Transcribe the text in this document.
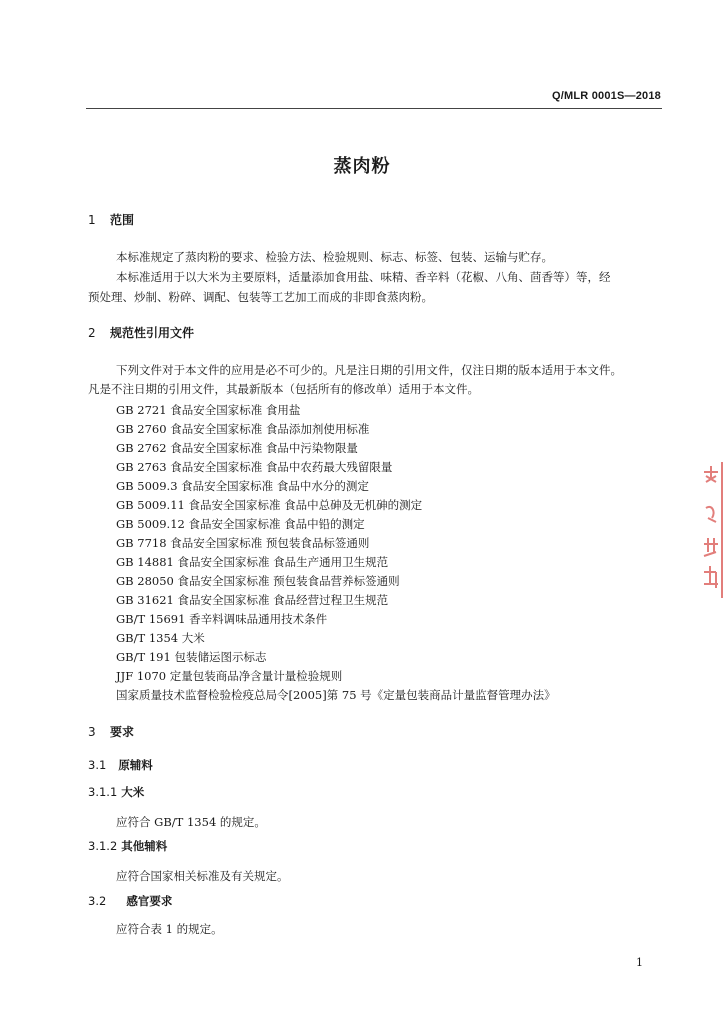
Q/MLR 0001S—2018
蒸肉粉
1 范围
本标准规定了蒸肉粉的要求、检验方法、检验规则、标志、标签、包装、运输与贮存。
本标准适用于以大米为主要原料，适量添加食用盐、味精、香辛料（花椒、八角、茴香等）等，经
预处理、炒制、粉碎、调配、包装等工艺加工而成的非即食蒸肉粉。
2 规范性引用文件
下列文件对于本文件的应用是必不可少的。凡是注日期的引用文件，仅注日期的版本适用于本文件。
凡是不注日期的引用文件，其最新版本（包括所有的修改单）适用于本文件。
GB 2721 食品安全国家标准 食用盐
GB 2760 食品安全国家标准 食品添加剂使用标准
GB 2762 食品安全国家标准 食品中污染物限量
GB 2763 食品安全国家标准 食品中农药最大残留限量
GB 5009.3 食品安全国家标准 食品中水分的测定
GB 5009.11 食品安全国家标准 食品中总砷及无机砷的测定
GB 5009.12 食品安全国家标准 食品中铅的测定
GB 7718 食品安全国家标准 预包装食品标签通则
GB 14881 食品安全国家标准 食品生产通用卫生规范
GB 28050 食品安全国家标准 预包装食品营养标签通则
GB 31621 食品安全国家标准 食品经营过程卫生规范
GB/T 15691 香辛料调味品通用技术条件
GB/T 1354 大米
GB/T 191 包装储运图示标志
JJF 1070 定量包装商品净含量计量检验规则
国家质量技术监督检验检疫总局令[2005]第 75 号《定量包装商品计量监督管理办法》
3 要求
3.1 原辅料
3.1.1 大米
应符合 GB/T 1354 的规定。
3.1.2 其他辅料
应符合国家相关标准及有关规定。
3.2 感官要求
应符合表 1 的规定。
1
